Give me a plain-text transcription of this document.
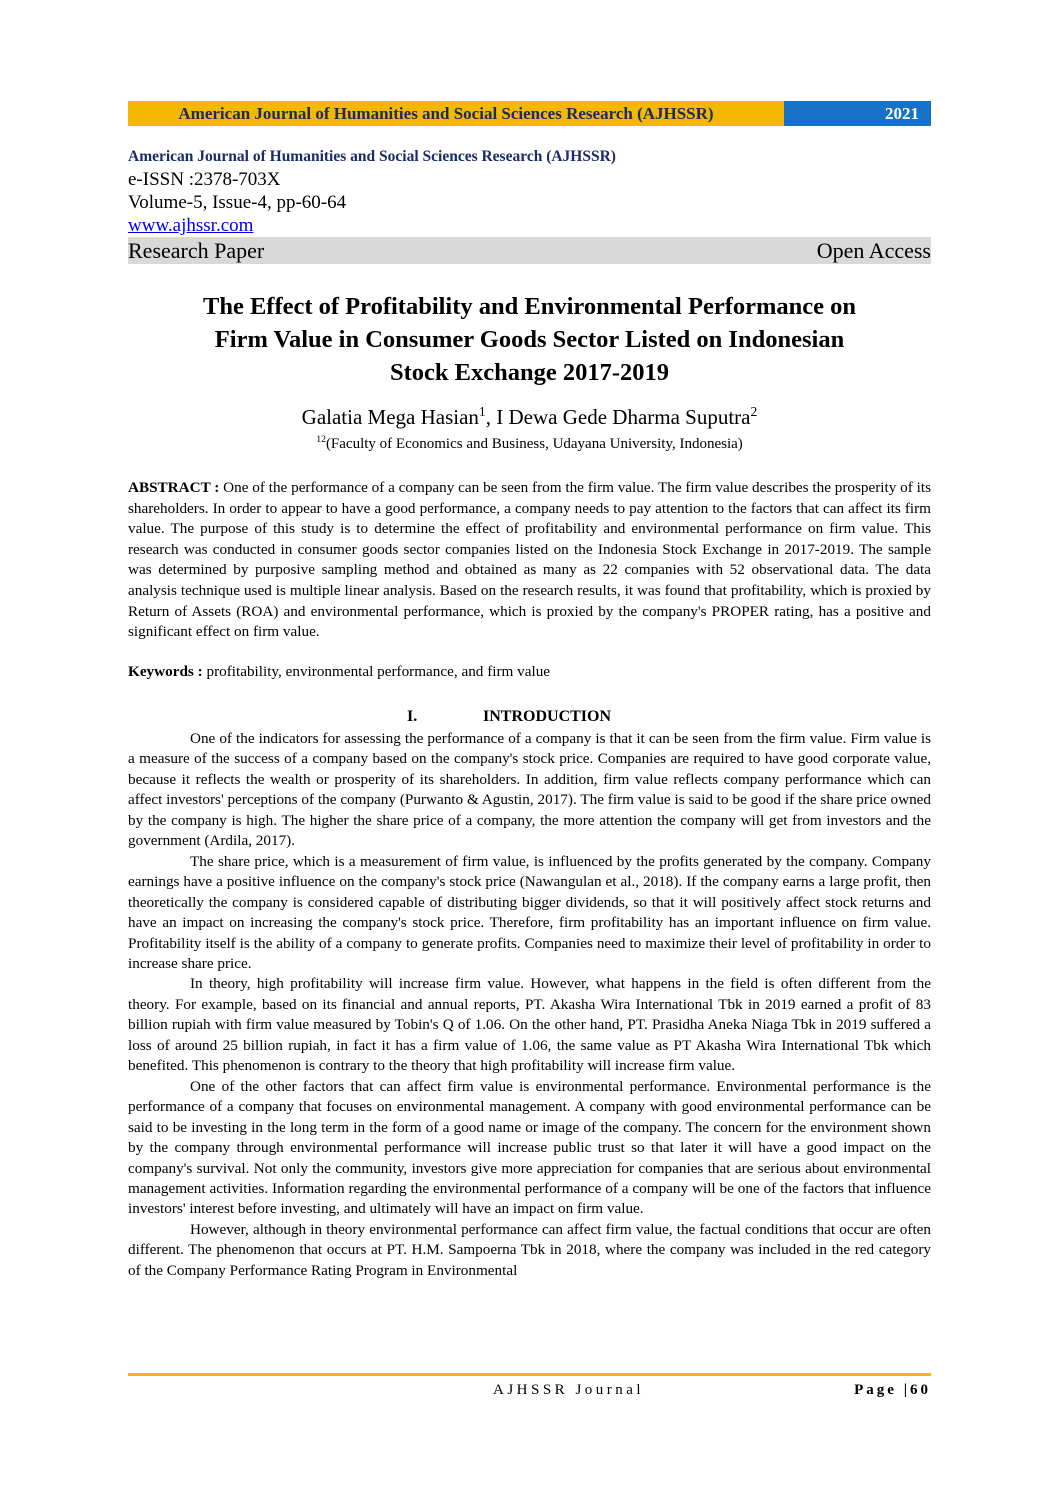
American Journal of Humanities and Social Sciences Research (AJHSSR)	2021
American Journal of Humanities and Social Sciences Research (AJHSSR)
e-ISSN :2378-703X
Volume-5, Issue-4, pp-60-64
www.ajhssr.com
Research Paper	Open Access
The Effect of Profitability and Environmental Performance on
Firm Value in Consumer Goods Sector Listed on Indonesian
Stock Exchange 2017-2019
Galatia Mega Hasian$^1$, I Dewa Gede Dharma Suputra$^2$
$^{12}$(Faculty of Economics and Business, Udayana University, Indonesia)
ABSTRACT : One of the performance of a company can be seen from the firm value. The firm value describes the prosperity of its shareholders. In order to appear to have a good performance, a company needs to pay attention to the factors that can affect its firm value. The purpose of this study is to determine the effect of profitability and environmental performance on firm value. This research was conducted in consumer goods sector companies listed on the Indonesia Stock Exchange in 2017-2019. The sample was determined by purposive sampling method and obtained as many as 22 companies with 52 observational data. The data analysis technique used is multiple linear analysis. Based on the research results, it was found that profitability, which is proxied by Return of Assets (ROA) and environmental performance, which is proxied by the company's PROPER rating, has a positive and significant effect on firm value.
Keywords : profitability, environmental performance, and firm value
I.	INTRODUCTION

One of the indicators for assessing the performance of a company is that it can be seen from the firm value. Firm value is a measure of the success of a company based on the company's stock price. Companies are required to have good corporate value, because it reflects the wealth or prosperity of its shareholders. In addition, firm value reflects company performance which can affect investors' perceptions of the company (Purwanto & Agustin, 2017). The firm value is said to be good if the share price owned by the company is high. The higher the share price of a company, the more attention the company will get from investors and the government (Ardila, 2017).

The share price, which is a measurement of firm value, is influenced by the profits generated by the company. Company earnings have a positive influence on the company's stock price (Nawangulan et al., 2018). If the company earns a large profit, then theoretically the company is considered capable of distributing bigger dividends, so that it will positively affect stock returns and have an impact on increasing the company's stock price. Therefore, firm profitability has an important influence on firm value. Profitability itself is the ability of a company to generate profits. Companies need to maximize their level of profitability in order to increase share price.

In theory, high profitability will increase firm value. However, what happens in the field is often different from the theory. For example, based on its financial and annual reports, PT. Akasha Wira International Tbk in 2019 earned a profit of 83 billion rupiah with firm value measured by Tobin's Q of 1.06. On the other hand, PT. Prasidha Aneka Niaga Tbk in 2019 suffered a loss of around 25 billion rupiah, in fact it has a firm value of 1.06, the same value as PT Akasha Wira International Tbk which benefited. This phenomenon is contrary to the theory that high profitability will increase firm value.

One of the other factors that can affect firm value is environmental performance. Environmental performance is the performance of a company that focuses on environmental management. A company with good environmental performance can be said to be investing in the long term in the form of a good name or image of the company. The concern for the environment shown by the company through environmental performance will increase public trust so that later it will have a good impact on the company's survival. Not only the community, investors give more appreciation for companies that are serious about environmental management activities. Information regarding the environmental performance of a company will be one of the factors that influence investors' interest before investing, and ultimately will have an impact on firm value.

However, although in theory environmental performance can affect firm value, the factual conditions that occur are often different. The phenomenon that occurs at PT. H.M. Sampoerna Tbk in 2018, where the company was included in the red category of the Company Performance Rating Program in Environmental

AJHSSR Journal	Page |60
